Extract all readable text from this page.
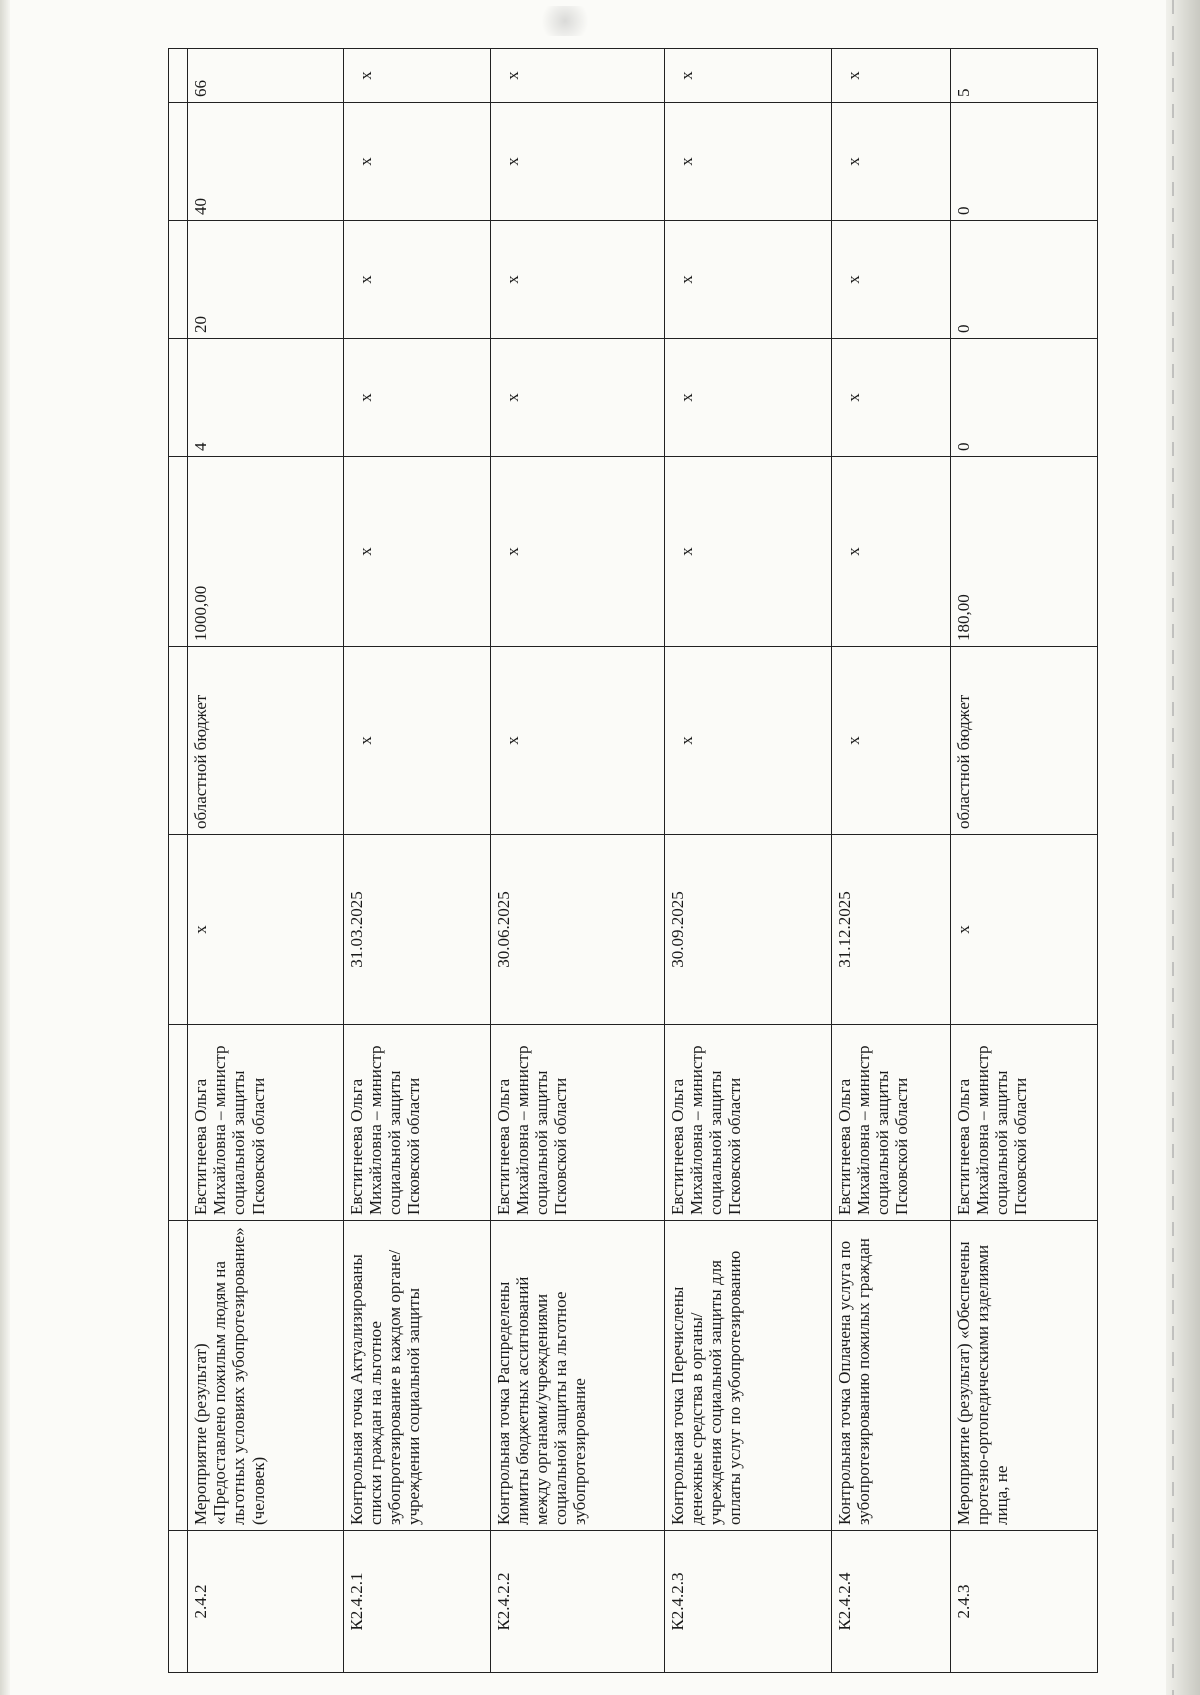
2.4.2	Мероприятие (результат) «Предоставлено пожилым людям на льготных условиях зубопротезирование» (человек)	Евстигнеева Ольга Михайловна – министр социальной защиты Псковской области	х	областной бюджет	1000,00	4	20	40	66
К2.4.2.1	Контрольная точка Актуализированы списки граждан на льготное зубопротезирование в каждом органе/учреждении социальной защиты	Евстигнеева Ольга Михайловна – министр социальной защиты Псковской области	31.03.2025	х	х	х	х	х	х
К2.4.2.2	Контрольная точка Распределены лимиты бюджетных ассигнований между органами/учреждениями социальной защиты на льготное зубопротезирование	Евстигнеева Ольга Михайловна – министр социальной защиты Псковской области	30.06.2025	х	х	х	х	х	х
К2.4.2.3	Контрольная точка Перечислены денежные средства в органы/учреждения социальной защиты для оплаты услуг по зубопротезированию	Евстигнеева Ольга Михайловна – министр социальной защиты Псковской области	30.09.2025	х	х	х	х	х	х
К2.4.2.4	Контрольная точка Оплачена услуга по зубопротезированию пожилых граждан	Евстигнеева Ольга Михайловна – министр социальной защиты Псковской области	31.12.2025	х	х	х	х	х	х
2.4.3	Мероприятие (результат) «Обеспечены протезно-ортопедическими изделиями лица, не	Евстигнеева Ольга Михайловна – министр социальной защиты Псковской области	х	областной бюджет	180,00	0	0	0	5
